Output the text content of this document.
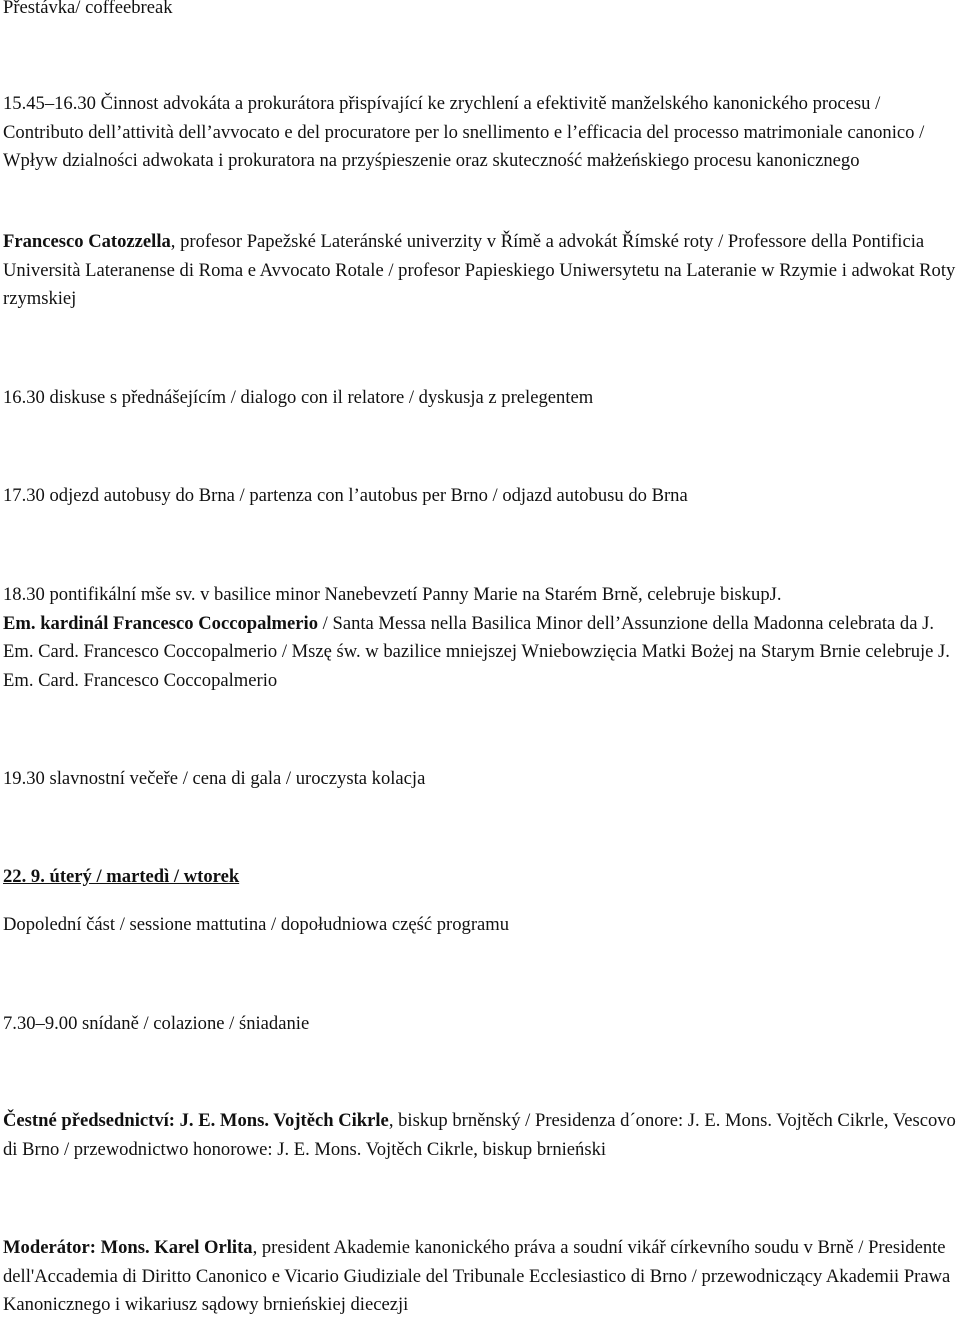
Přestávka/ coffeebreak

15.45–16.30 Činnost advokáta a prokurátora přispívající ke zrychlení a efektivitě manželského kanonického procesu / Contributo dell’attività dell’avvocato e del procuratore per lo snellimento e l’efficacia del processo matrimoniale canonico / Wpływ dzialności adwokata i prokuratora na przyśpieszenie oraz skuteczność małżeńskiego procesu kanonicznego

Francesco Catozzella, profesor Papežské Lateránské univerzity v Římě a advokát Římské roty / Professore della Pontificia Università Lateranense di Roma e Avvocato Rotale / profesor Papieskiego Uniwersytetu na Lateranie w Rzymie i adwokat Roty rzymskiej

16.30 diskuse s přednášejícím / dialogo con il relatore / dyskusja z prelegentem

17.30 odjezd autobusy do Brna / partenza con l’autobus per Brno / odjazd autobusu do Brna

18.30 pontifikální mše sv. v basilice minor Nanebevzetí Panny Marie na Starém Brně, celebruje biskupJ.
Em. kardinál Francesco Coccopalmerio / Santa Messa nella Basilica Minor dell’Assunzione della Madonna celebrata da J. Em. Card. Francesco Coccopalmerio / Mszę św. w bazilice mniejszej Wniebowzięcia Matki Bożej na Starym Brnie celebruje J. Em. Card. Francesco Coccopalmerio

19.30 slavnostní večeře / cena di gala / uroczysta kolacja

22. 9. úterý / martedì / wtorek

Dopolední část / sessione mattutina / dopołudniowa część programu

7.30–9.00 snídaně / colazione / śniadanie

Čestné předsednictví: J. E. Mons. Vojtěch Cikrle, biskup brněnský / Presidenza d´onore: J. E. Mons. Vojtěch Cikrle, Vescovo di Brno / przewodnictwo honorowe: J. E. Mons. Vojtěch Cikrle, biskup brnieński

Moderátor: Mons. Karel Orlita, president Akademie kanonického práva a soudní vikář církevního soudu v Brně / Presidente dell'Accademia di Diritto Canonico e Vicario Giudiziale del Tribunale Ecclesiastico di Brno / przewodniczący Akademii Prawa Kanonicznego i wikariusz sądowy brnieńskiej diecezji
